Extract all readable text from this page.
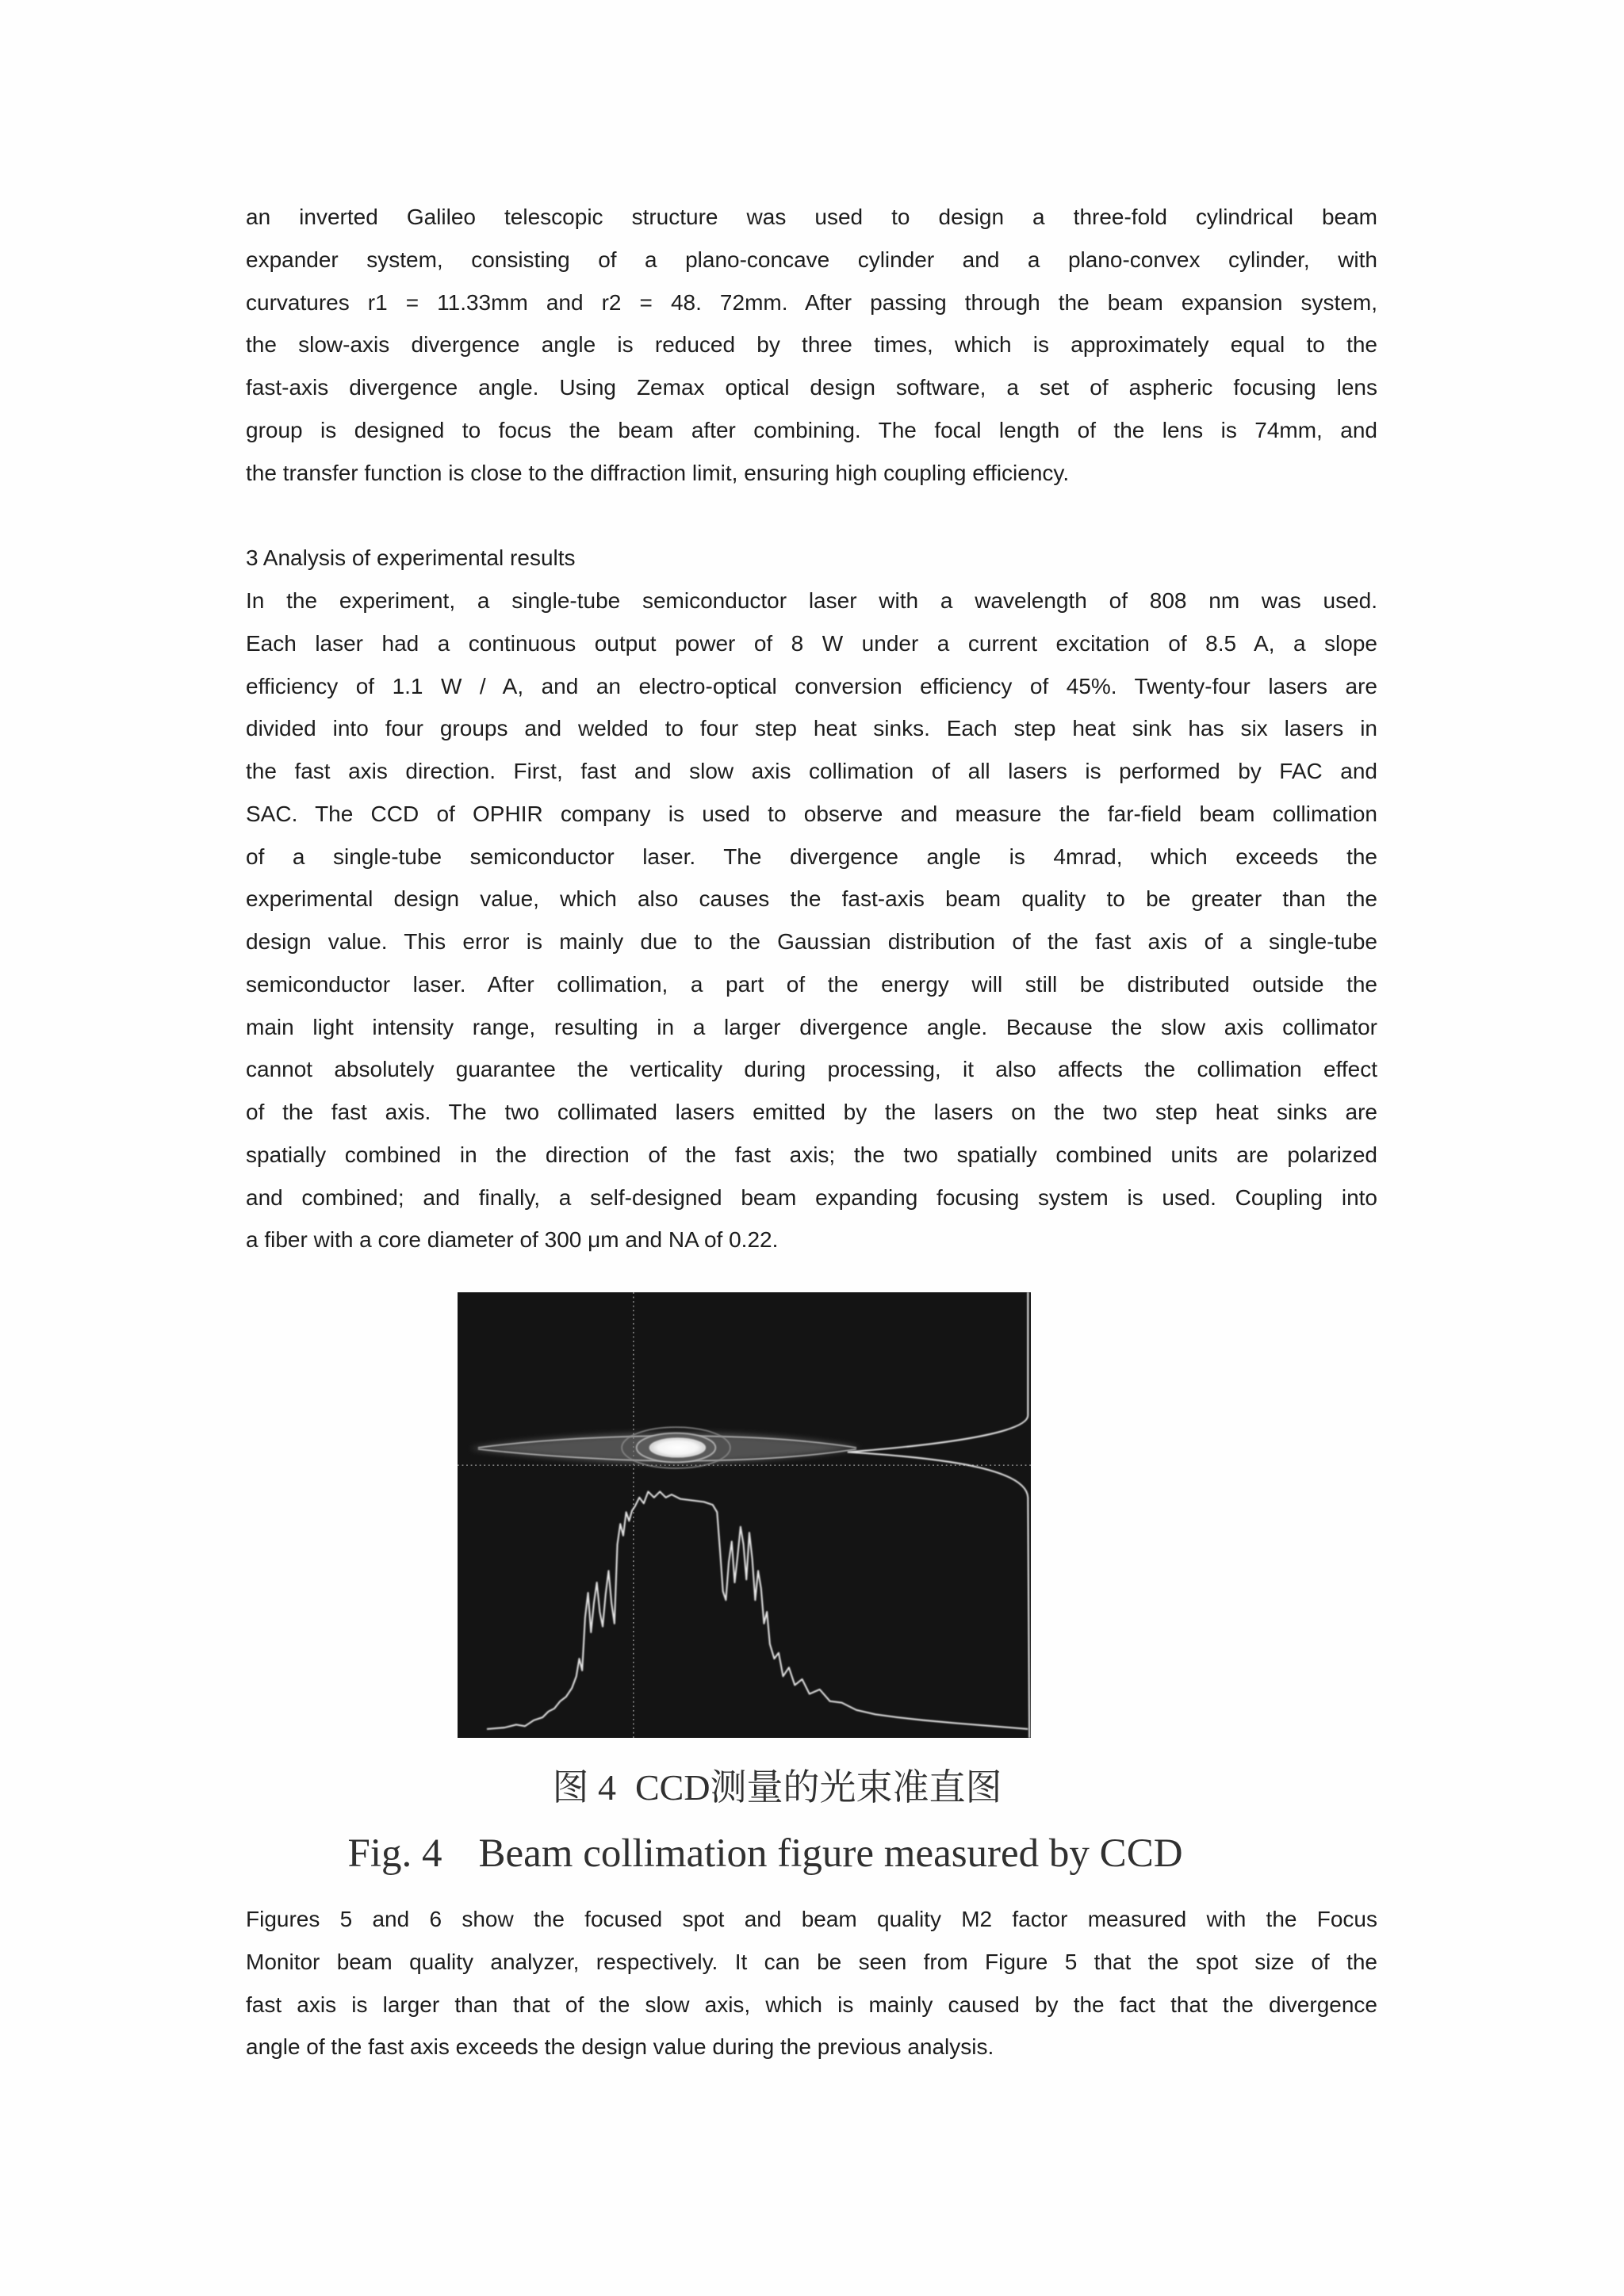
an inverted Galileo telescopic structure was used to design a three-fold cylindrical beam
expander system, consisting of a plano-concave cylinder and a plano-convex cylinder, with
curvatures r1 = 11.33mm and r2 = 48. 72mm. After passing through the beam expansion system,
the slow-axis divergence angle is reduced by three times, which is approximately equal to the
fast-axis divergence angle. Using Zemax optical design software, a set of aspheric focusing lens
group is designed to focus the beam after combining. The focal length of the lens is 74mm, and
the transfer function is close to the diffraction limit, ensuring high coupling efficiency.
3 Analysis of experimental results
In the experiment, a single-tube semiconductor laser with a wavelength of 808 nm was used.
Each laser had a continuous output power of 8 W under a current excitation of 8.5 A, a slope
efficiency of 1.1 W / A, and an electro-optical conversion efficiency of 45%. Twenty-four lasers are
divided into four groups and welded to four step heat sinks. Each step heat sink has six lasers in
the fast axis direction. First, fast and slow axis collimation of all lasers is performed by FAC and
SAC. The CCD of OPHIR company is used to observe and measure the far-field beam collimation
of a single-tube semiconductor laser. The divergence angle is 4mrad, which exceeds the
experimental design value, which also causes the fast-axis beam quality to be greater than the
design value. This error is mainly due to the Gaussian distribution of the fast axis of a single-tube
semiconductor laser. After collimation, a part of the energy will still be distributed outside the
main light intensity range, resulting in a larger divergence angle. Because the slow axis collimator
cannot absolutely guarantee the verticality during processing, it also affects the collimation effect
of the fast axis. The two collimated lasers emitted by the lasers on the two step heat sinks are
spatially combined in the direction of the fast axis; the two spatially combined units are polarized
and combined; and finally, a self-designed beam expanding focusing system is used. Coupling into
a fiber with a core diameter of 300 μm and NA of 0.22.
图 4 CCD测量的光束准直图
Fig. 4 Beam collimation figure measured by CCD
Figures 5 and 6 show the focused spot and beam quality M2 factor measured with the Focus
Monitor beam quality analyzer, respectively. It can be seen from Figure 5 that the spot size of the
fast axis is larger than that of the slow axis, which is mainly caused by the fact that the divergence
angle of the fast axis exceeds the design value during the previous analysis.
